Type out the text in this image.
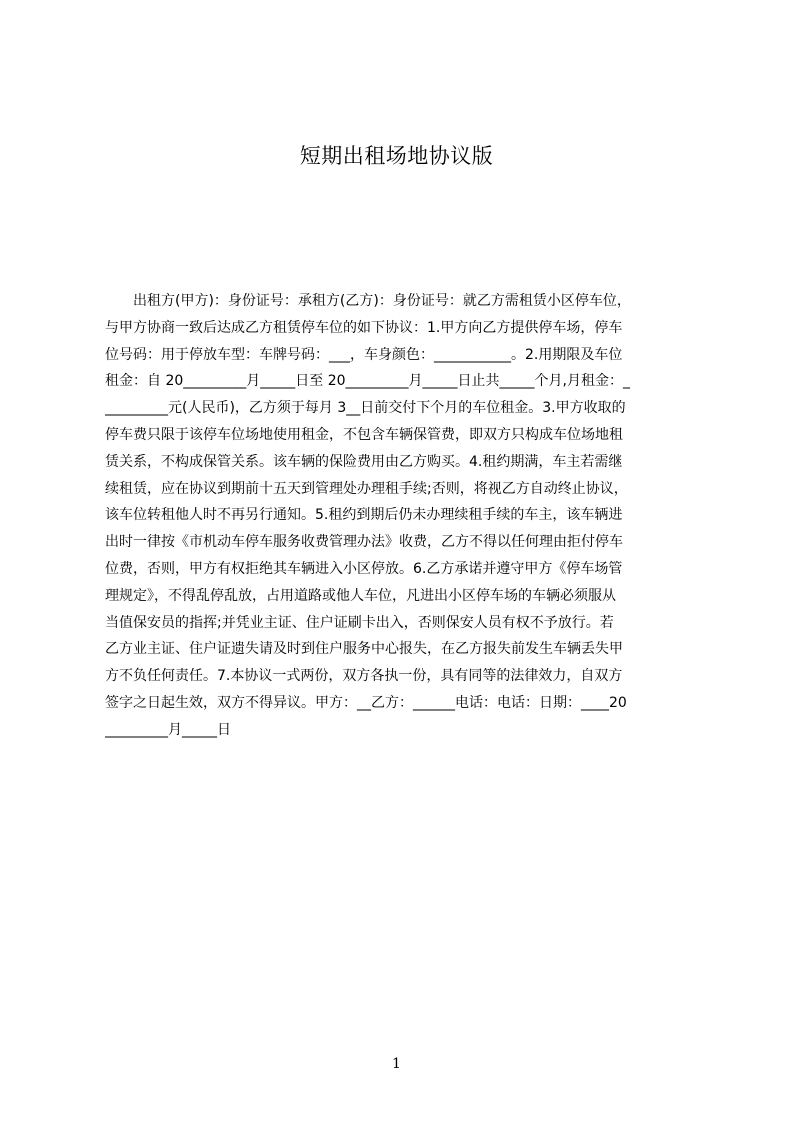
短期出租场地协议版
　　出租方(甲方)：身份证号：承租方(乙方)：身份证号：就乙方需租赁小区停车位，
与甲方协商一致后达成乙方租赁停车位的如下协议：1.甲方向乙方提供停车场，停车
位号码：用于停放车型：车牌号码：___，车身颜色：___________。2.用期限及车位
租金：自 20_________月_____日至 20_________月_____日止共_____个月,月租金：_
_________元(人民币)，乙方须于每月 3__日前交付下个月的车位租金。3.甲方收取的
停车费只限于该停车位场地使用租金，不包含车辆保管费，即双方只构成车位场地租
赁关系，不构成保管关系。该车辆的保险费用由乙方购买。4.租约期满，车主若需继
续租赁，应在协议到期前十五天到管理处办理租手续;否则，将视乙方自动终止协议，
该车位转租他人时不再另行通知。5.租约到期后仍未办理续租手续的车主，该车辆进
出时一律按《市机动车停车服务收费管理办法》收费，乙方不得以任何理由拒付停车
位费，否则，甲方有权拒绝其车辆进入小区停放。6.乙方承诺并遵守甲方《停车场管
理规定》，不得乱停乱放，占用道路或他人车位，凡进出小区停车场的车辆必须服从
当值保安员的指挥;并凭业主证、住户证刷卡出入，否则保安人员有权不予放行。若
乙方业主证、住户证遗失请及时到住户服务中心报失，在乙方报失前发生车辆丢失甲
方不负任何责任。7.本协议一式两份，双方各执一份，具有同等的法律效力，自双方
签字之日起生效，双方不得异议。甲方：__乙方：______电话：电话：日期：____20
_________月_____日
1
